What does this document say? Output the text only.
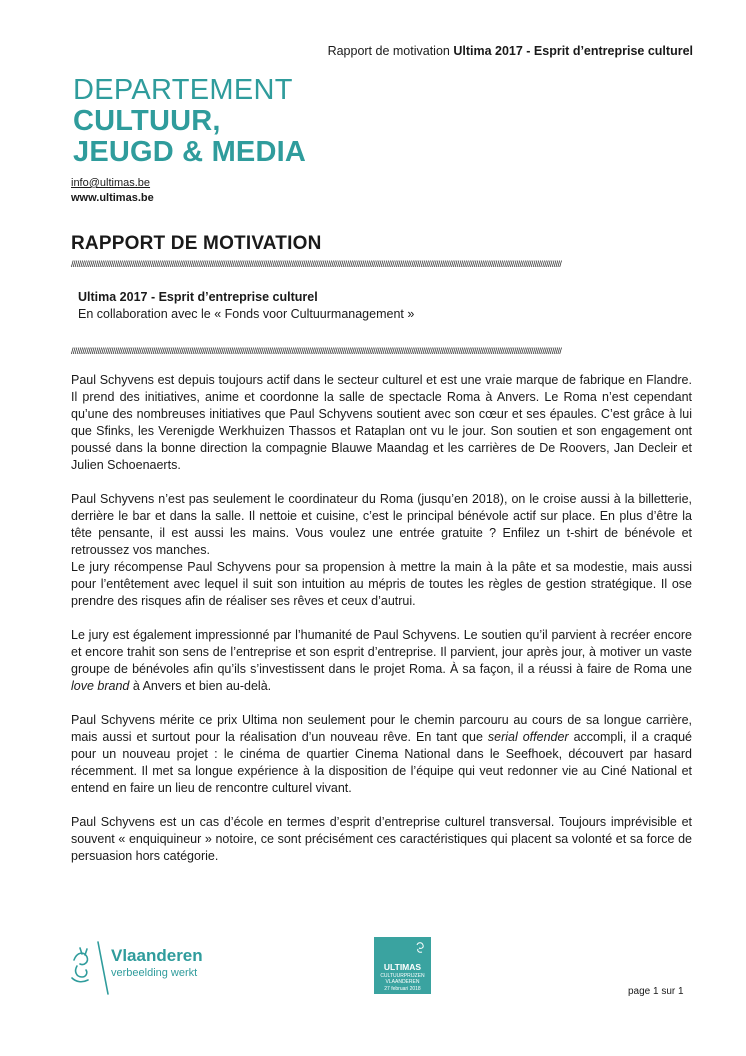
Rapport de motivation Ultima 2017 - Esprit d’entreprise culturel
DEPARTEMENT
CULTUUR,
JEUGD & MEDIA
info@ultimas.be
www.ultimas.be
RAPPORT DE MOTIVATION
//////////////////////////////////////////////////////////////////////////////////////////////////////////////////////////////////////////////////////////////////////////////////////////////////////////////////////////////////////////////////////////////////
Ultima 2017 - Esprit d’entreprise culturel
En collaboration avec le « Fonds voor Cultuurmanagement »
//////////////////////////////////////////////////////////////////////////////////////////////////////////////////////////////////////////////////////////////////////////////////////////////////////////////////////////////////////////////////////////////////

Paul Schyvens est depuis toujours actif dans le secteur culturel et est une vraie marque de fabrique en Flandre. Il prend des initiatives, anime et coordonne la salle de spectacle Roma à Anvers. Le Roma n’est cependant qu’une des nombreuses initiatives que Paul Schyvens soutient avec son cœur et ses épaules. C’est grâce à lui que Sfinks, les Verenigde Werkhuizen Thassos et Rataplan ont vu le jour. Son soutien et son engagement ont poussé dans la bonne direction la compagnie Blauwe Maandag et les carrières de De Roovers, Jan Decleir et Julien Schoenaerts.

Paul Schyvens n’est pas seulement le coordinateur du Roma (jusqu’en 2018), on le croise aussi à la billetterie, derrière le bar et dans la salle. Il nettoie et cuisine, c’est le principal bénévole actif sur place. En plus d’être la tête pensante, il est aussi les mains. Vous voulez une entrée gratuite ? Enfilez un t-shirt de bénévole et retroussez vos manches.

Le jury récompense Paul Schyvens pour sa propension à mettre la main à la pâte et sa modestie, mais aussi pour l’entêtement avec lequel il suit son intuition au mépris de toutes les règles de gestion stratégique. Il ose prendre des risques afin de réaliser ses rêves et ceux d’autrui.

Le jury est également impressionné par l’humanité de Paul Schyvens. Le soutien qu’il parvient à recréer encore et encore trahit son sens de l’entreprise et son esprit d’entreprise. Il parvient, jour après jour, à motiver un vaste groupe de bénévoles afin qu’ils s’investissent dans le projet Roma. À sa façon, il a réussi à faire de Roma une love brand à Anvers et bien au-delà.

Paul Schyvens mérite ce prix Ultima non seulement pour le chemin parcouru au cours de sa longue carrière, mais aussi et surtout pour la réalisation d’un nouveau rêve. En tant que serial offender accompli, il a craqué pour un nouveau projet : le cinéma de quartier Cinema National dans le Seefhoek, découvert par hasard récemment. Il met sa longue expérience à la disposition de l’équipe qui veut redonner vie au Ciné National et entend en faire un lieu de rencontre culturel vivant.

Paul Schyvens est un cas d’école en termes d’esprit d’entreprise culturel transversal. Toujours imprévisible et souvent « enquiquineur » notoire, ce sont précisément ces caractéristiques qui placent sa volonté et sa force de persuasion hors catégorie.

Vlaanderen
verbeelding werkt	ULTIMAS
CULTUURPRIJZEN
VLAANDEREN
27 februari 2018	page 1 sur 1
